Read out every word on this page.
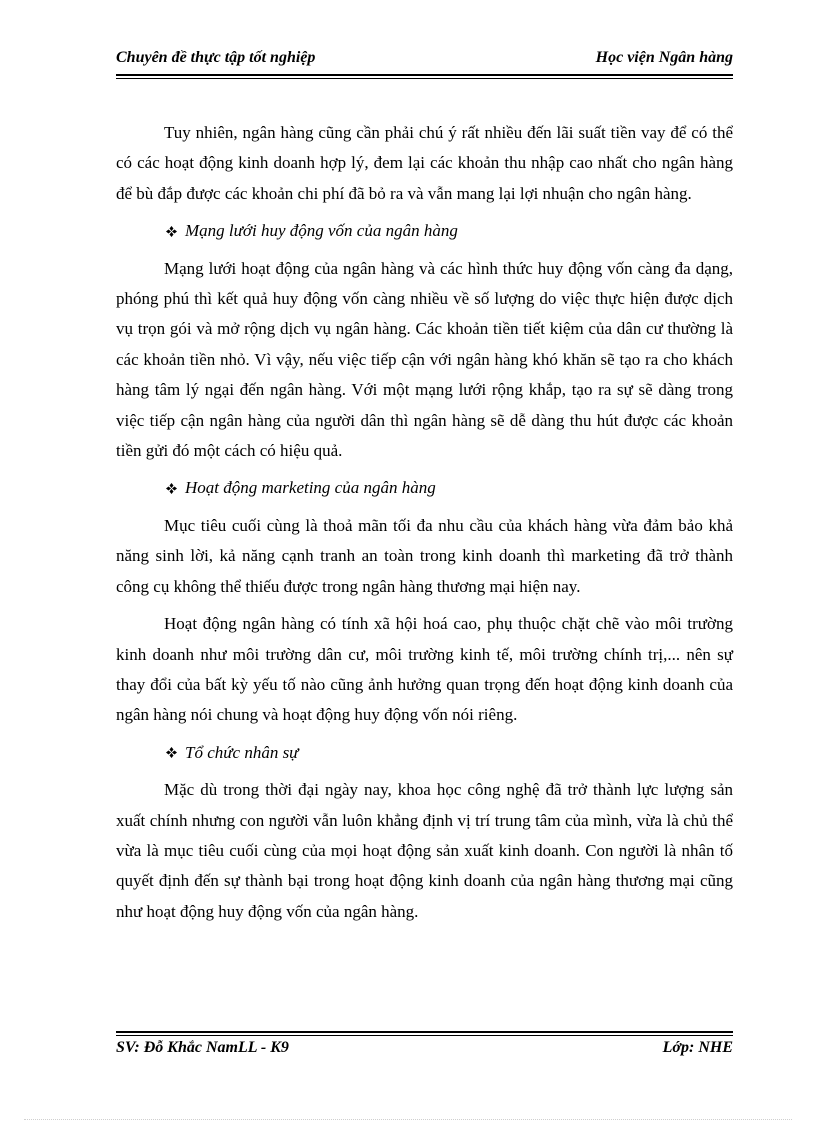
Chuyên đề thực tập tốt nghiệp	Học viện Ngân hàng

Tuy nhiên, ngân hàng cũng cần phải chú ý rất nhiều đến lãi suất tiền vay để có thể có các hoạt động kinh doanh hợp lý, đem lại các khoản thu nhập cao nhất cho ngân hàng để bù đắp được các khoản chi phí đã bỏ ra và vẫn mang lại lợi nhuận cho ngân hàng.

Mạng lưới huy động vốn của ngân hàng

Mạng lưới hoạt động của ngân hàng và các hình thức huy động vốn càng đa dạng, phóng phú thì kết quả huy động vốn càng nhiều về số lượng do việc thực hiện được dịch vụ trọn gói và mở rộng dịch vụ ngân hàng. Các khoản tiền tiết kiệm của dân cư thường là các khoản tiền nhỏ. Vì vậy, nếu việc tiếp cận với ngân hàng khó khăn sẽ tạo ra cho khách hàng tâm lý ngại đến ngân hàng. Với một mạng lưới rộng khắp, tạo ra sự sẽ dàng trong việc tiếp cận ngân hàng của người dân thì ngân hàng sẽ dễ dàng thu hút được các khoản tiền gửi đó một cách có hiệu quả.

Hoạt động marketing của ngân hàng

Mục tiêu cuối cùng là thoả mãn tối đa nhu cầu của khách hàng vừa đảm bảo khả năng sinh lời, kả năng cạnh tranh an toàn trong kinh doanh thì marketing đã trở thành công cụ không thể thiếu được trong ngân hàng thương mại hiện nay.

Hoạt động ngân hàng có tính xã hội hoá cao, phụ thuộc chặt chẽ vào môi trường kinh doanh như môi trường dân cư, môi trường kinh tế, môi trường chính trị,... nên sự thay đổi của bất kỳ yếu tố nào cũng ảnh hưởng quan trọng đến hoạt động kinh doanh của ngân hàng nói chung và hoạt động huy động vốn nói riêng.

Tổ chức nhân sự

Mặc dù trong thời đại ngày nay, khoa học công nghệ đã trở thành lực lượng sản xuất chính nhưng con người vẫn luôn khẳng định vị trí trung tâm của mình, vừa là chủ thể vừa là mục tiêu cuối cùng của mọi hoạt động sản xuất kinh doanh. Con người là nhân tố quyết định đến sự thành bại trong hoạt động kinh doanh của ngân hàng thương mại cũng như hoạt động huy động vốn của ngân hàng.

SV: Đỗ Khắc NamLL - K9	Lớp: NHE
